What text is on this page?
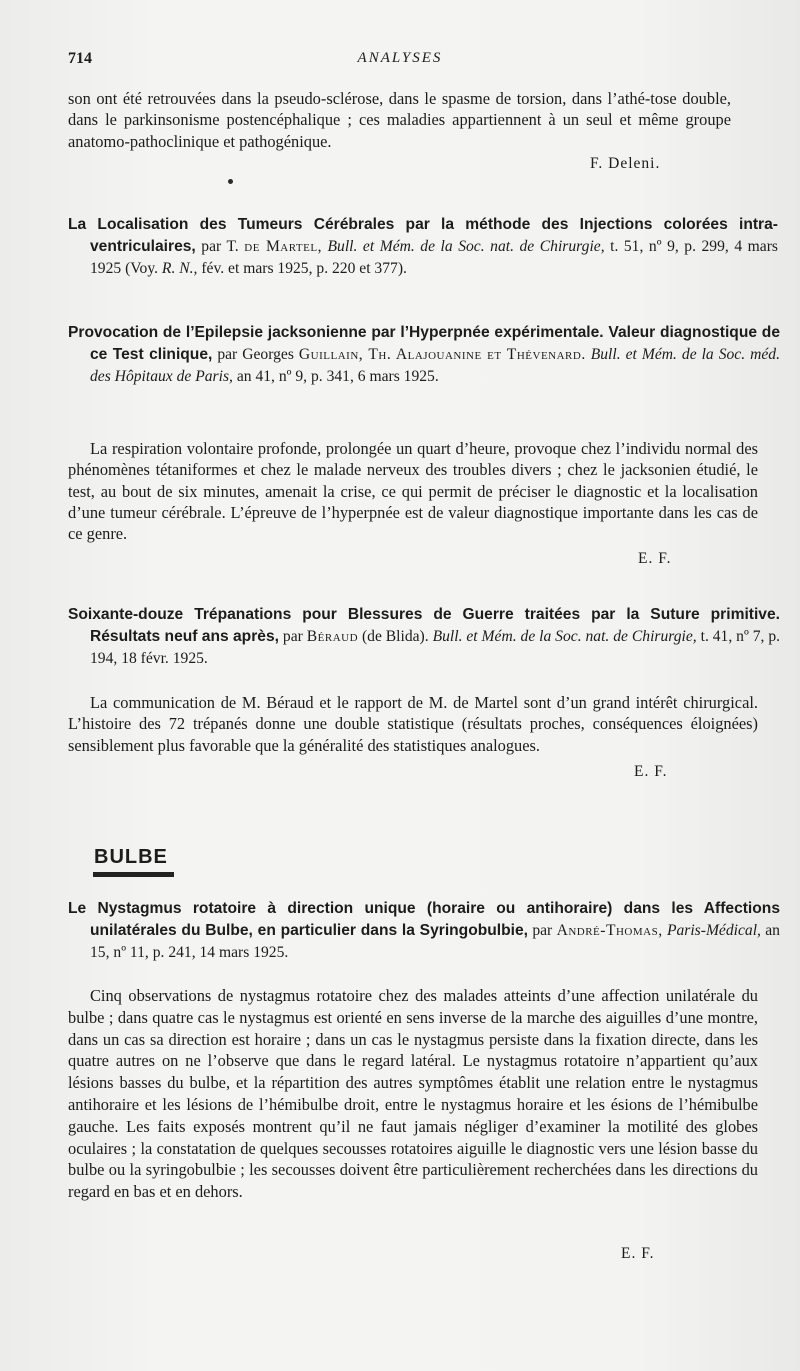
714	ANALYSES

son ont été retrouvées dans la pseudo-sclérose, dans le spasme de torsion, dans l’athé-tose double, dans le parkinsonisme postencéphalique ; ces maladies appartiennent à un seul et même groupe anatomo-pathoclinique et pathogénique.

F. Deleni.
La Localisation des Tumeurs Cérébrales par la méthode des Injections colorées intra-ventriculaires, par T. de Martel, Bull. et Mém. de la Soc. nat. de Chirurgie, t. 51, nº 9, p. 299, 4 mars 1925 (Voy. R. N., fév. et mars 1925, p. 220 et 377).
Provocation de l’Epilepsie jacksonienne par l’Hyperpnée expérimentale. Valeur diagnostique de ce Test clinique, par Georges Guillain, Th. Alajouanine et Thévenard. Bull. et Mém. de la Soc. méd. des Hôpitaux de Paris, an 41, nº 9, p. 341, 6 mars 1925.

La respiration volontaire profonde, prolongée un quart d’heure, provoque chez l’individu normal des phénomènes tétaniformes et chez le malade nerveux des troubles divers ; chez le jacksonien étudié, le test, au bout de six minutes, amenait la crise, ce qui permit de préciser le diagnostic et la localisation d’une tumeur cérébrale. L’épreuve de l’hyperpnée est de valeur diagnostique importante dans les cas de ce genre.

E. F.
Soixante-douze Trépanations pour Blessures de Guerre traitées par la Suture primitive. Résultats neuf ans après, par Béraud (de Blida). Bull. et Mém. de la Soc. nat. de Chirurgie, t. 41, nº 7, p. 194, 18 févr. 1925.

La communication de M. Béraud et le rapport de M. de Martel sont d’un grand intérêt chirurgical. L’histoire des 72 trépanés donne une double statistique (résultats proches, conséquences éloignées) sensiblement plus favorable que la généralité des statistiques analogues.

E. F.
BULBE
Le Nystagmus rotatoire à direction unique (horaire ou antihoraire) dans les Affections unilatérales du Bulbe, en particulier dans la Syringobulbie, par André-Thomas, Paris-Médical, an 15, nº 11, p. 241, 14 mars 1925.

Cinq observations de nystagmus rotatoire chez des malades atteints d’une affection unilatérale du bulbe ; dans quatre cas le nystagmus est orienté en sens inverse de la marche des aiguilles d’une montre, dans un cas sa direction est horaire ; dans un cas le nystagmus persiste dans la fixation directe, dans les quatre autres on ne l’observe que dans le regard latéral. Le nystagmus rotatoire n’appartient qu’aux lésions basses du bulbe, et la répartition des autres symptômes établit une relation entre le nystagmus antihoraire et les lésions de l’hémibulbe droit, entre le nystagmus horaire et les ésions de l’hémibulbe gauche. Les faits exposés montrent qu’il ne faut jamais négliger d’examiner la motilité des globes oculaires ; la constatation de quelques secousses rotatoires aiguille le diagnostic vers une lésion basse du bulbe ou la syringobulbie ; les secousses doivent être particulièrement recherchées dans les directions du regard en bas et en dehors.

E. F.
